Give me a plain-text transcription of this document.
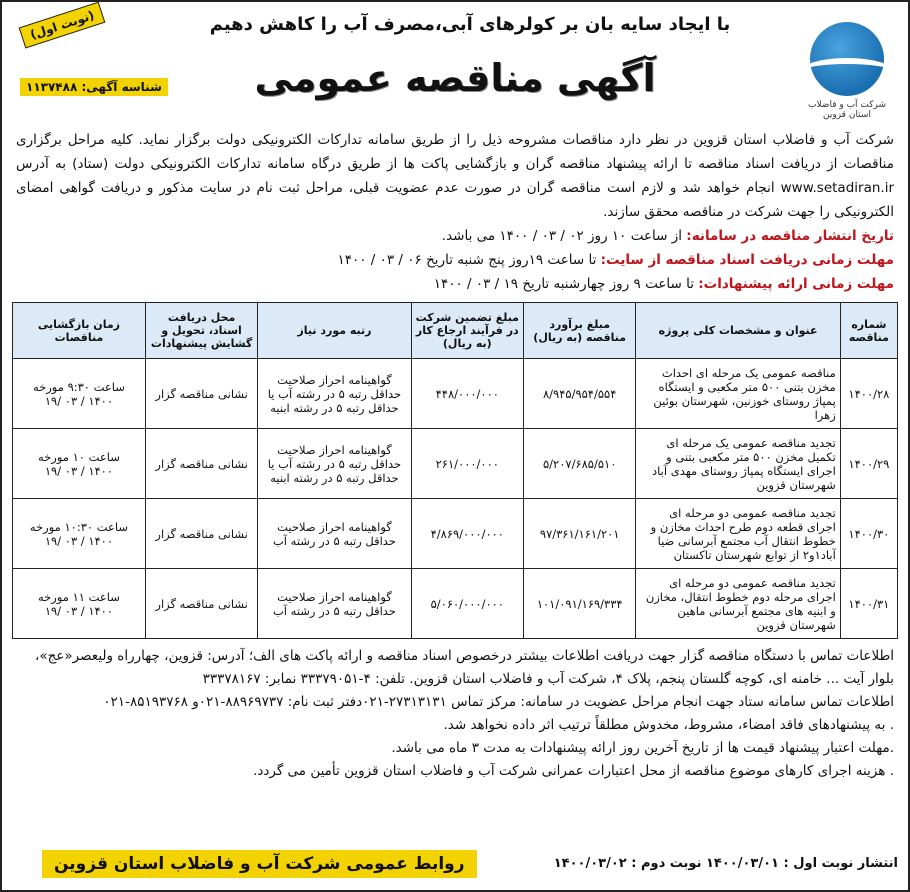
شرکت آب و فاضلاب استان قزوین
با ایجاد سایه بان بر کولرهای آبی،مصرف آب را کاهش دهیم
آگهی مناقصه عمومی
(نوبت اول)
شناسه آگهی: ۱۱۳۷۴۸۸

شرکت آب و فاضلاب استان قزوین در نظر دارد مناقصات مشروحه ذیل را از طریق سامانه تدارکات الکترونیکی دولت برگزار نماید. کلیه مراحل برگزاری مناقصات از دریافت اسناد مناقصه تا ارائه پیشنهاد مناقصه گران و بازگشایی پاکت ها از طریق درگاه سامانه تدارکات الکترونیکی دولت (ستاد) به آدرس www.setadiran.ir انجام خواهد شد و لازم است مناقصه گران در صورت عدم عضویت قبلی، مراحل ثبت نام در سایت مذکور و دریافت گواهی امضای الکترونیکی را جهت شرکت در مناقصه محقق سازند.

تاریخ انتشار مناقصه در سامانه: از ساعت ۱۰ روز ۰۲ / ۰۳ / ۱۴۰۰ می باشد.
مهلت زمانی دریافت اسناد مناقصه از سایت: تا ساعت ۱۹روز پنج شنبه تاریخ ۰۶ / ۰۳ / ۱۴۰۰
مهلت زمانی ارائه پیشنهادات: تا ساعت ۹ روز چهارشنبه تاریخ ۱۹ / ۰۳ / ۱۴۰۰
شماره مناقصه	عنوان و مشخصات کلی پروژه	مبلغ برآورد مناقصه (به ریال)	مبلغ تضمین شرکت در فرآیند ارجاع کار (به ریال)	رتبه مورد نیاز	محل دریافت اسناد، تحویل و گشایش پیشنهادات	زمان بازگشایی مناقصات
۱۴۰۰/۲۸	مناقصه عمومی یک مرحله ای احداث مخزن بتنی ۵۰۰ متر مکعبی و ایستگاه پمپاژ روستای خوزنین، شهرستان بوئین زهرا	۸/۹۴۵/۹۵۴/۵۵۴	۴۴۸/۰۰۰/۰۰۰	گواهینامه احراز صلاحیت حداقل رتبه ۵ در رشته آب یا حداقل رتبه ۵ در رشته ابنیه	نشانی مناقصه گزار	ساعت ۹:۳۰ مورخه
۱۴۰۰ / ۰۳ /۱۹

۱۴۰۰/۲۹	تجدید مناقصه عمومی یک مرحله ای تکمیل مخزن ۵۰۰ متر مکعبی بتنی و اجرای ایستگاه پمپاژ روستای مهدی آباد شهرستان قزوین	۵/۲۰۷/۶۸۵/۵۱۰	۲۶۱/۰۰۰/۰۰۰	گواهینامه احراز صلاحیت حداقل رتبه ۵ در رشته آب یا حداقل رتبه ۵ در رشته ابنیه	نشانی مناقصه گزار	ساعت ۱۰ مورخه
۱۴۰۰ / ۰۳ /۱۹

۱۴۰۰/۳۰	تجدید مناقصه عمومی دو مرحله ای اجرای قطعه دوم طرح احداث مخازن و خطوط انتقال آب مجتمع آبرسانی ضیا آباد۱و۲ از توابع شهرستان تاکستان	۹۷/۳۶۱/۱۶۱/۲۰۱	۴/۸۶۹/۰۰۰/۰۰۰	گواهینامه احراز صلاحیت حداقل رتبه ۵ در رشته آب	نشانی مناقصه گزار	ساعت ۱۰:۳۰ مورخه
۱۴۰۰ / ۰۳ /۱۹

۱۴۰۰/۳۱	تجدید مناقصه عمومی دو مرحله ای اجرای مرحله دوم خطوط انتقال، مخازن و ابنیه های مجتمع آبرسانی ماهین شهرستان قزوین	۱۰۱/۰۹۱/۱۶۹/۳۳۴	۵/۰۶۰/۰۰۰/۰۰۰	گواهینامه احراز صلاحیت حداقل رتبه ۵ در رشته آب	نشانی مناقصه گزار	ساعت ۱۱ مورخه
۱۴۰۰ / ۰۳ /۱۹

اطلاعات تماس با دستگاه مناقصه گزار جهت دریافت اطلاعات بیشتر درخصوص اسناد مناقصه و ارائه پاکت های الف؛ آدرس: قزوین، چهارراه ولیعصر«عج»، بلوار آیت ... خامنه ای، کوچه گلستان پنجم، پلاک ۴، شرکت آب و فاضلاب استان قزوین. تلفن: ۴-۳۳۳۷۹۰۵۱ نمابر: ۳۳۳۷۸۱۶۷

اطلاعات تماس سامانه ستاد جهت انجام مراحل عضویت در سامانه: مرکز تماس ۲۷۳۱۳۱۳۱-۰۲۱دفتر ثبت نام: ۸۸۹۶۹۷۳۷-۰۲۱و ۸۵۱۹۳۷۶۸-۰۲۱

. به پیشنهادهای فاقد امضاء، مشروط، مخدوش مطلقاً ترتیب اثر داده نخواهد شد.

.مهلت اعتبار پیشنهاد قیمت ها از تاریخ آخرین روز ارائه پیشنهادات به مدت ۳ ماه می باشد.

. هزینه اجرای کارهای موضوع مناقصه از محل اعتبارات عمرانی شرکت آب و فاضلاب استان قزوین تأمین می گردد.

انتشار نوبت اول : ۱۴۰۰/۰۳/۰۱ نوبت دوم : ۱۴۰۰/۰۳/۰۲
روابط عمومی شرکت آب و فاضلاب استان قزوین
